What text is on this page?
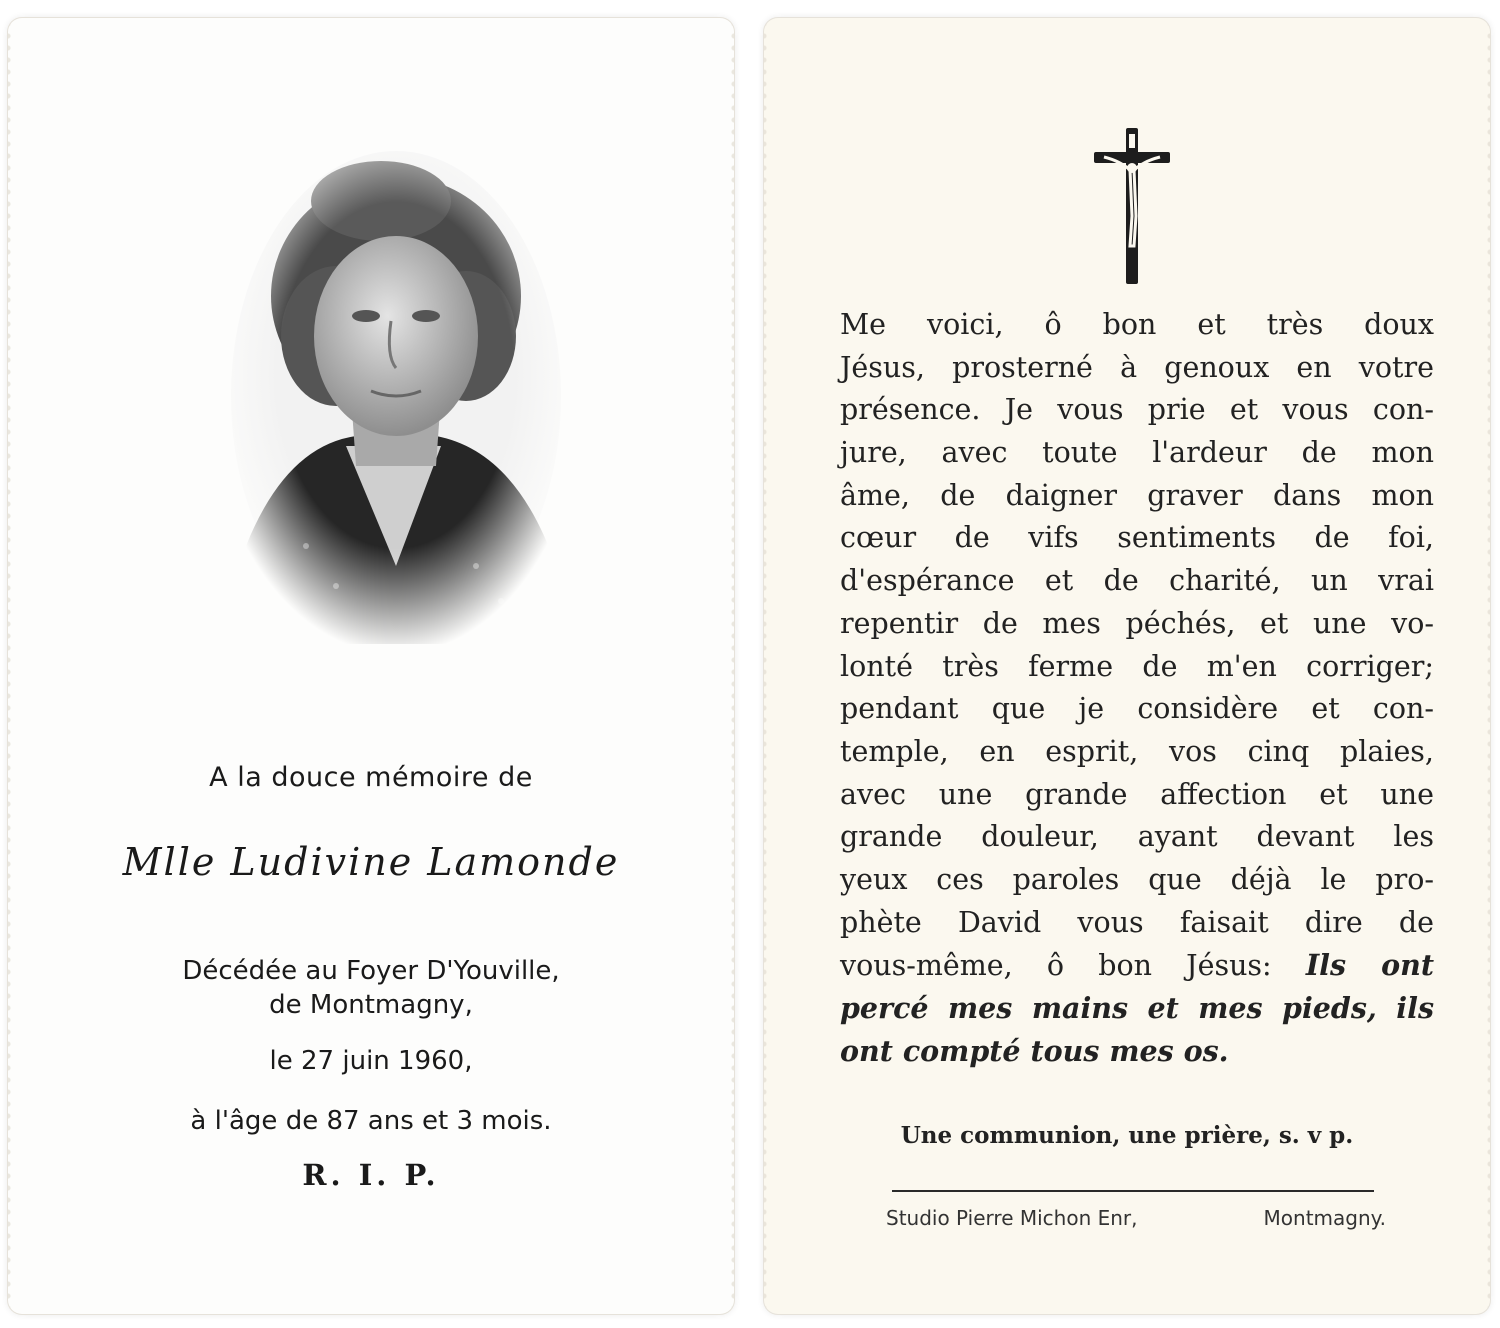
A la douce mémoire de
Mlle Ludivine Lamonde
Décédée au Foyer D'Youville,
de Montmagny,
le 27 juin 1960,
à l'âge de 87 ans et 3 mois.
R. I. P.
Me voici, ô bon et très doux
Jésus, prosterné à genoux en votre
présence. Je vous prie et vous con-
jure, avec toute l'ardeur de mon
âme, de daigner graver dans mon
cœur de vifs sentiments de foi,
d'espérance et de charité, un vrai
repentir de mes péchés, et une vo-
lonté très ferme de m'en corriger;
pendant que je considère et con-
temple, en esprit, vos cinq plaies,
avec une grande affection et une
grande douleur, ayant devant les
yeux ces paroles que déjà le pro-
phète David vous faisait dire de
vous-même, ô bon Jésus: Ils ont
percé mes mains et mes pieds, ils
ont compté tous mes os.
Une communion, une prière, s. v p.
Studio Pierre Michon Enr,	Montmagny.
